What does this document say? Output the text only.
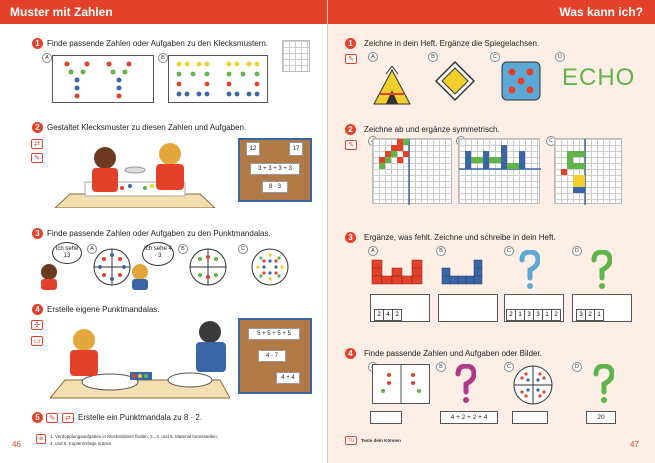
Muster mit Zahlen	Was kann ich?
1 Finde passende Zahlen oder Aufgaben zu den Klecksmustern.
A	B
2 Gestaltet Klecksmuster zu diesen Zahlen und Aufgaben.
⇄
✎
12	17
3 + 3 + 3 + 3
8 · 3
3 Finde passende Zahlen oder Aufgaben zu den Punktmandalas.
Ich sehe 13
Ich sehe 4 · 3
A	B	C
4 Erstelle eigene Punktmandalas.
✣
▭
5 + 5 + 5 + 5
4 · 7
4 + 4
5	✎	⇄ Erstelle ein Punktmandala zu 8 · 2.
46
≡	1. Verdopplungsaufgaben in Klecksbildern finden; 2., 4. und 5. Material bereitstellen;
4. und 5. Kopiervorlage nutzen
1	Zeichne in dein Heft. Ergänze die Spiegelachsen.
✎	A	B	C	D
ECHO
2	Zeichne ab und ergänze symmetrisch.
✎
C
3	Ergänze, was fehlt. Zeichne und schreibe in dein Heft.
A
2 4 2
B	C
2 1 3 3 1 2
D
3 2 1
4	Finde passende Zahlen und Aufgaben oder Bilder.
B
4 + 2 + 2 + 4
C	D
20
TU	Teste dein Können	47
